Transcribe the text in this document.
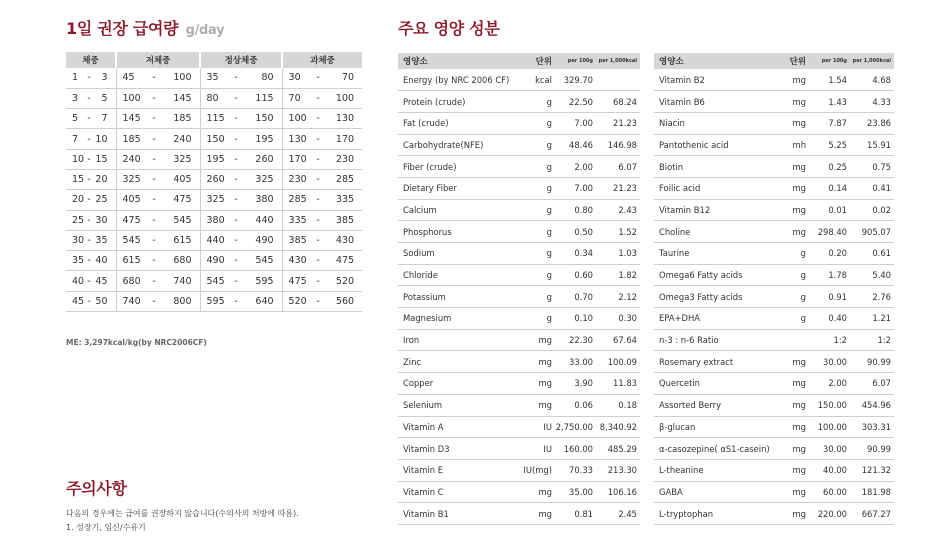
1일 권장 급여량 g/day
체중			저체중			정상체중			과체중		
1	-	3	45	-	100	35	-	80	30	-	70
3	-	5	100	-	145	80	-	115	70	-	100
5	-	7	145	-	185	115	-	150	100	-	130
7	-	10	185	-	240	150	-	195	130	-	170
10	-	15	240	-	325	195	-	260	170	-	230
15	-	20	325	-	405	260	-	325	230	-	285
20	-	25	405	-	475	325	-	380	285	-	335
25	-	30	475	-	545	380	-	440	335	-	385
30	-	35	545	-	615	440	-	490	385	-	430
35	-	40	615	-	680	490	-	545	430	-	475
40	-	45	680	-	740	545	-	595	475	-	520
45	-	50	740	-	800	595	-	640	520	-	560
ME: 3,297kcal/kg(by NRC2006CF)
주의사항
다음의 경우에는 급여를 권장하지 않습니다(수의사의 처방에 따름).
1. 성장기, 임신/수유기
주요 영양 성분
영양소	단위	per 100g	per 1,000kcal
Energy (by NRC 2006 CF)	kcal	329.70	
Protein (crude)	g	22.50	68.24
Fat (crude)	g	7.00	21.23
Carbohydrate(NFE)	g	48.46	146.98
Fiber (crude)	g	2.00	6.07
Dietary Fiber	g	7.00	21.23
Calcium	g	0.80	2.43
Phosphorus	g	0.50	1.52
Sodium	g	0.34	1.03
Chloride	g	0.60	1.82
Potassium	g	0.70	2.12
Magnesium	g	0.10	0.30
Iron	mg	22.30	67.64
Zinc	mg	33.00	100.09
Copper	mg	3.90	11.83
Selenium	mg	0.06	0.18
Vitamin A	IU	2,750.00	8,340.92
Vitamin D3	IU	160.00	485.29
Vitamin E	IU(mg)	70.33	213.30
Vitamin C	mg	35.00	106.16
Vitamin B1	mg	0.81	2.45
영양소	단위	per 100g	per 1,000kcal
Vitamin B2	mg	1.54	4.68
Vitamin B6	mg	1.43	4.33
Niacin	mg	7.87	23.86
Pantothenic acid	mh	5.25	15.91
Biotin	mg	0.25	0.75
Foilic acid	mg	0.14	0.41
Vitamin B12	mg	0.01	0.02
Choline	mg	298.40	905.07
Taurine	g	0.20	0.61
Omega6 Fatty acids	g	1.78	5.40
Omega3 Fatty acids	g	0.91	2.76
EPA+DHA	g	0.40	1.21
n-3 : n-6 Ratio		1:2	1:2
Rosemary extract	mg	30.00	90.99
Quercetin	mg	2.00	6.07
Assorted Berry	mg	150.00	454.96
β-glucan	mg	100.00	303.31
α-casozepine( αS1-casein)	mg	30.00	90.99
L-theanine	mg	40.00	121.32
GABA	mg	60.00	181.98
L-tryptophan	mg	220.00	667.27
